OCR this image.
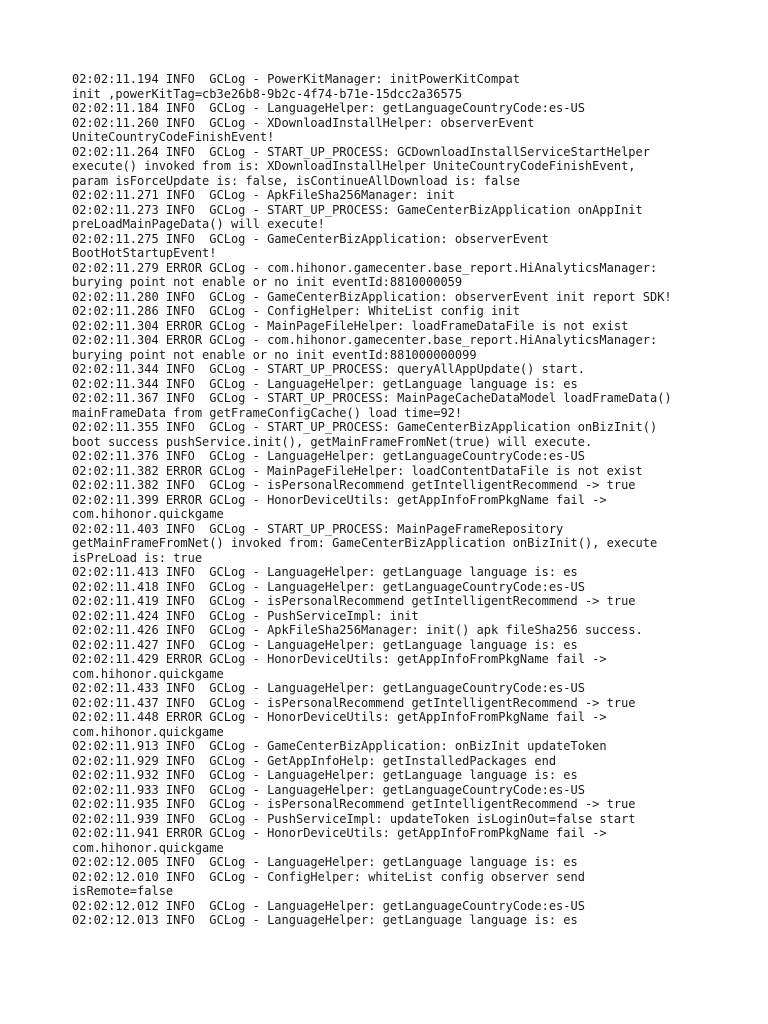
02:02:11.194 INFO  GCLog - PowerKitManager: initPowerKitCompat
init ,powerKitTag=cb3e26b8-9b2c-4f74-b71e-15dcc2a36575
02:02:11.184 INFO  GCLog - LanguageHelper: getLanguageCountryCode:es-US
02:02:11.260 INFO  GCLog - XDownloadInstallHelper: observerEvent
UniteCountryCodeFinishEvent!
02:02:11.264 INFO  GCLog - START_UP_PROCESS: GCDownloadInstallServiceStartHelper
execute() invoked from is: XDownloadInstallHelper UniteCountryCodeFinishEvent,
param isForceUpdate is: false, isContinueAllDownload is: false
02:02:11.271 INFO  GCLog - ApkFileSha256Manager: init
02:02:11.273 INFO  GCLog - START_UP_PROCESS: GameCenterBizApplication onAppInit
preLoadMainPageData() will execute!
02:02:11.275 INFO  GCLog - GameCenterBizApplication: observerEvent
BootHotStartupEvent!
02:02:11.279 ERROR GCLog - com.hihonor.gamecenter.base_report.HiAnalyticsManager:
burying point not enable or no init eventId:8810000059
02:02:11.280 INFO  GCLog - GameCenterBizApplication: observerEvent init report SDK!
02:02:11.286 INFO  GCLog - ConfigHelper: WhiteList config init
02:02:11.304 ERROR GCLog - MainPageFileHelper: loadFrameDataFile is not exist
02:02:11.304 ERROR GCLog - com.hihonor.gamecenter.base_report.HiAnalyticsManager:
burying point not enable or no init eventId:881000000099
02:02:11.344 INFO  GCLog - START_UP_PROCESS: queryAllAppUpdate() start.
02:02:11.344 INFO  GCLog - LanguageHelper: getLanguage language is: es
02:02:11.367 INFO  GCLog - START_UP_PROCESS: MainPageCacheDataModel loadFrameData()
mainFrameData from getFrameConfigCache() load time=92!
02:02:11.355 INFO  GCLog - START_UP_PROCESS: GameCenterBizApplication onBizInit()
boot success pushService.init(), getMainFrameFromNet(true) will execute.
02:02:11.376 INFO  GCLog - LanguageHelper: getLanguageCountryCode:es-US
02:02:11.382 ERROR GCLog - MainPageFileHelper: loadContentDataFile is not exist
02:02:11.382 INFO  GCLog - isPersonalRecommend getIntelligentRecommend -> true
02:02:11.399 ERROR GCLog - HonorDeviceUtils: getAppInfoFromPkgName fail ->
com.hihonor.quickgame
02:02:11.403 INFO  GCLog - START_UP_PROCESS: MainPageFrameRepository
getMainFrameFromNet() invoked from: GameCenterBizApplication onBizInit(), execute
isPreLoad is: true
02:02:11.413 INFO  GCLog - LanguageHelper: getLanguage language is: es
02:02:11.418 INFO  GCLog - LanguageHelper: getLanguageCountryCode:es-US
02:02:11.419 INFO  GCLog - isPersonalRecommend getIntelligentRecommend -> true
02:02:11.424 INFO  GCLog - PushServiceImpl: init
02:02:11.426 INFO  GCLog - ApkFileSha256Manager: init() apk fileSha256 success.
02:02:11.427 INFO  GCLog - LanguageHelper: getLanguage language is: es
02:02:11.429 ERROR GCLog - HonorDeviceUtils: getAppInfoFromPkgName fail ->
com.hihonor.quickgame
02:02:11.433 INFO  GCLog - LanguageHelper: getLanguageCountryCode:es-US
02:02:11.437 INFO  GCLog - isPersonalRecommend getIntelligentRecommend -> true
02:02:11.448 ERROR GCLog - HonorDeviceUtils: getAppInfoFromPkgName fail ->
com.hihonor.quickgame
02:02:11.913 INFO  GCLog - GameCenterBizApplication: onBizInit updateToken
02:02:11.929 INFO  GCLog - GetAppInfoHelp: getInstalledPackages end
02:02:11.932 INFO  GCLog - LanguageHelper: getLanguage language is: es
02:02:11.933 INFO  GCLog - LanguageHelper: getLanguageCountryCode:es-US
02:02:11.935 INFO  GCLog - isPersonalRecommend getIntelligentRecommend -> true
02:02:11.939 INFO  GCLog - PushServiceImpl: updateToken isLoginOut=false start
02:02:11.941 ERROR GCLog - HonorDeviceUtils: getAppInfoFromPkgName fail ->
com.hihonor.quickgame
02:02:12.005 INFO  GCLog - LanguageHelper: getLanguage language is: es
02:02:12.010 INFO  GCLog - ConfigHelper: whiteList config observer send
isRemote=false
02:02:12.012 INFO  GCLog - LanguageHelper: getLanguageCountryCode:es-US
02:02:12.013 INFO  GCLog - LanguageHelper: getLanguage language is: es
